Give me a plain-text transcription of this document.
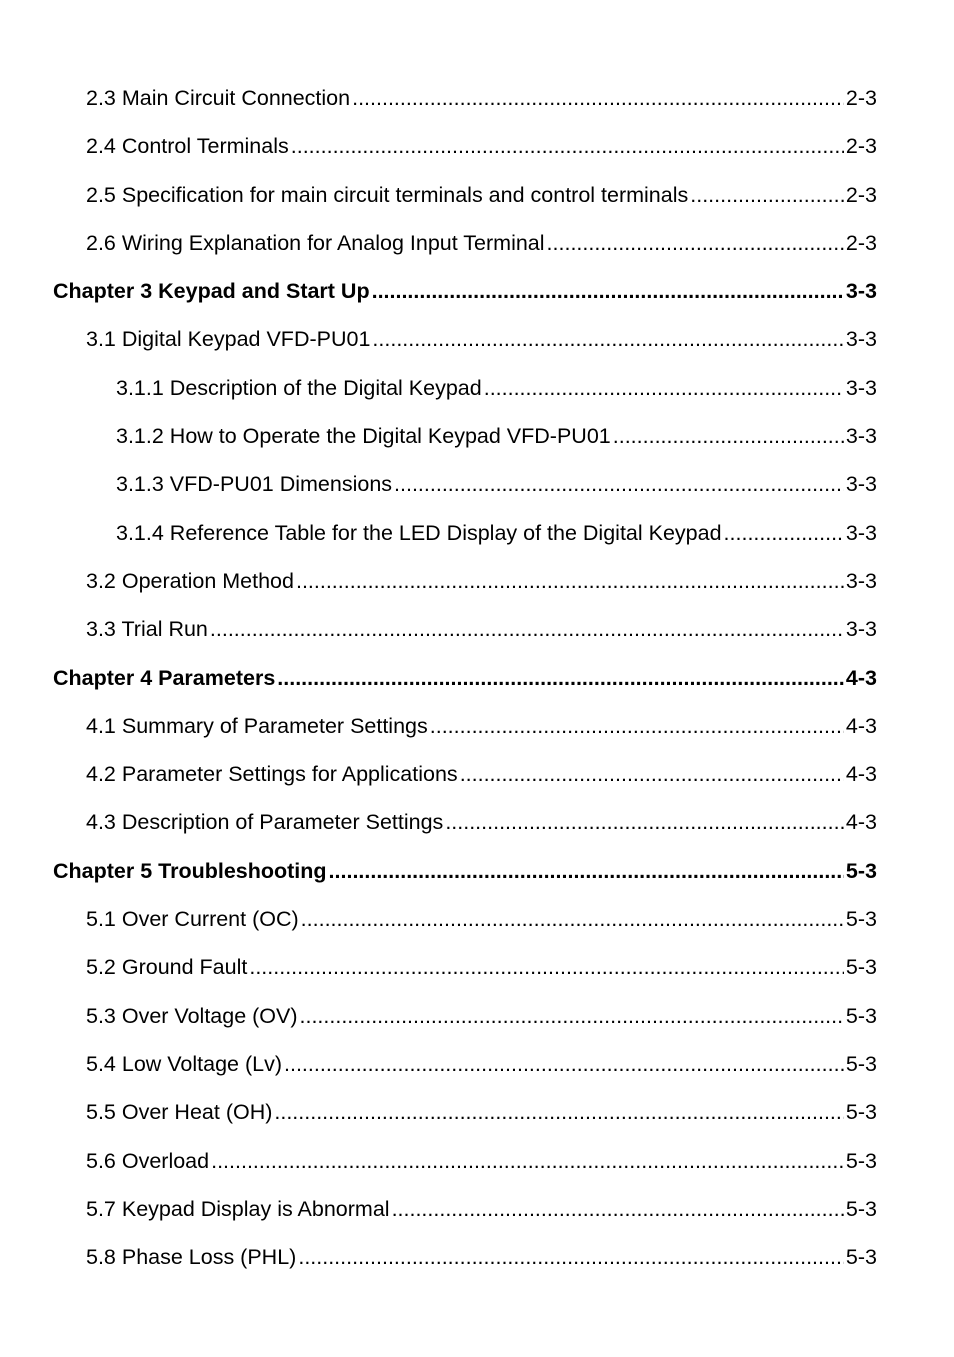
2.3 Main Circuit Connection .....	2-3
2.4 Control Terminals .....	2-3
2.5 Specification for main circuit terminals and control terminals .....	2-3
2.6 Wiring Explanation for Analog Input Terminal .....	2-3
Chapter 3 Keypad and Start Up .....	3-3
3.1 Digital Keypad VFD-PU01 .....	3-3
3.1.1 Description of the Digital Keypad .....	3-3
3.1.2 How to Operate the Digital Keypad VFD-PU01 .....	3-3
3.1.3 VFD-PU01 Dimensions .....	3-3
3.1.4 Reference Table for the LED Display of the Digital Keypad .....	3-3
3.2 Operation Method .....	3-3
3.3 Trial Run .....	3-3
Chapter 4 Parameters .....	4-3
4.1 Summary of Parameter Settings .....	4-3
4.2 Parameter Settings for Applications .....	4-3
4.3 Description of Parameter Settings .....	4-3
Chapter 5 Troubleshooting .....	5-3
5.1 Over Current (OC) .....	5-3
5.2 Ground Fault .....	5-3
5.3 Over Voltage (OV) .....	5-3
5.4 Low Voltage (Lv) .....	5-3
5.5 Over Heat (OH) .....	5-3
5.6 Overload .....	5-3
5.7 Keypad Display is Abnormal .....	5-3
5.8 Phase Loss (PHL) .....	5-3
